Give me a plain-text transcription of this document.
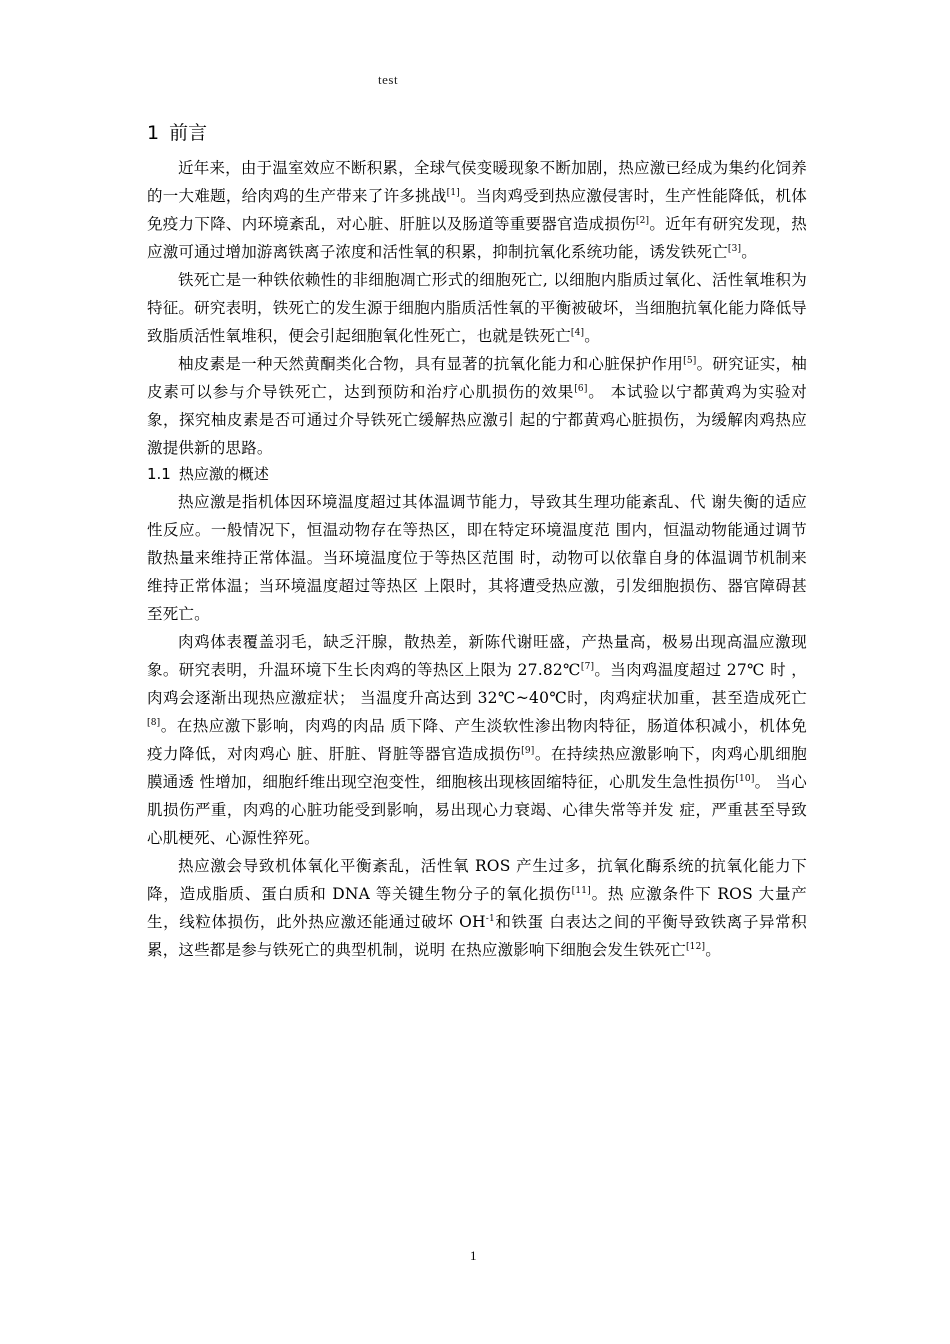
test
1 前言

近年来，由于温室效应不断积累，全球气侯变暖现象不断加剧，热应激已经成为集约化饲养的一大难题，给肉鸡的生产带来了许多挑战[1]。当肉鸡受到热应激侵害时，生产性能降低，机体免疫力下降、内环境紊乱，对心脏、肝脏以及肠道等重要器官造成损伤[2]。近年有研究发现，热应激可通过增加游离铁离子浓度和活性氧的积累，抑制抗氧化系统功能，诱发铁死亡[3]。

铁死亡是一种铁依赖性的非细胞凋亡形式的细胞死亡, 以细胞内脂质过氧化、活性氧堆积为特征。研究表明，铁死亡的发生源于细胞内脂质活性氧的平衡被破坏，当细胞抗氧化能力降低导致脂质活性氧堆积，便会引起细胞氧化性死亡，也就是铁死亡[4]。

柚皮素是一种天然黄酮类化合物，具有显著的抗氧化能力和心脏保护作用[5]。研究证实，柚皮素可以参与介导铁死亡，达到预防和治疗心肌损伤的效果[6]。 本试验以宁都黄鸡为实验对象，探究柚皮素是否可通过介导铁死亡缓解热应激引 起的宁都黄鸡心脏损伤，为缓解肉鸡热应激提供新的思路。

1.1 热应激的概述

热应激是指机体因环境温度超过其体温调节能力，导致其生理功能紊乱、代 谢失衡的适应性反应。一般情况下，恒温动物存在等热区，即在特定环境温度范 围内，恒温动物能通过调节散热量来维持正常体温。当环境温度位于等热区范围 时，动物可以依靠自身的体温调节机制来维持正常体温；当环境温度超过等热区 上限时，其将遭受热应激，引发细胞损伤、器官障碍甚至死亡。

肉鸡体表覆盖羽毛，缺乏汗腺，散热差，新陈代谢旺盛，产热量高，极易出现高温应激现象。研究表明，升温环境下生长肉鸡的等热区上限为 27.82℃[7]。当肉鸡温度超过 27℃ 时 ， 肉鸡会逐渐出现热应激症状； 当温度升高达到 32℃~40℃时，肉鸡症状加重，甚至造成死亡[8]。在热应激下影响，肉鸡的肉品 质下降、产生淡软性渗出物肉特征，肠道体积减小，机体免疫力降低，对肉鸡心 脏、肝脏、肾脏等器官造成损伤[9]。在持续热应激影响下，肉鸡心肌细胞膜通透 性增加，细胞纤维出现空泡变性，细胞核出现核固缩特征，心肌发生急性损伤[10]。 当心肌损伤严重，肉鸡的心脏功能受到影响，易出现心力衰竭、心律失常等并发 症，严重甚至导致心肌梗死、心源性猝死。

热应激会导致机体氧化平衡紊乱，活性氧 ROS 产生过多，抗氧化酶系统的抗氧化能力下降，造成脂质、蛋白质和 DNA 等关键生物分子的氧化损伤[11]。热 应激条件下 ROS 大量产生，线粒体损伤，此外热应激还能通过破坏 $OH^{-1}$和铁蛋 白表达之间的平衡导致铁离子异常积累，这些都是参与铁死亡的典型机制，说明 在热应激影响下细胞会发生铁死亡[12]。

1
